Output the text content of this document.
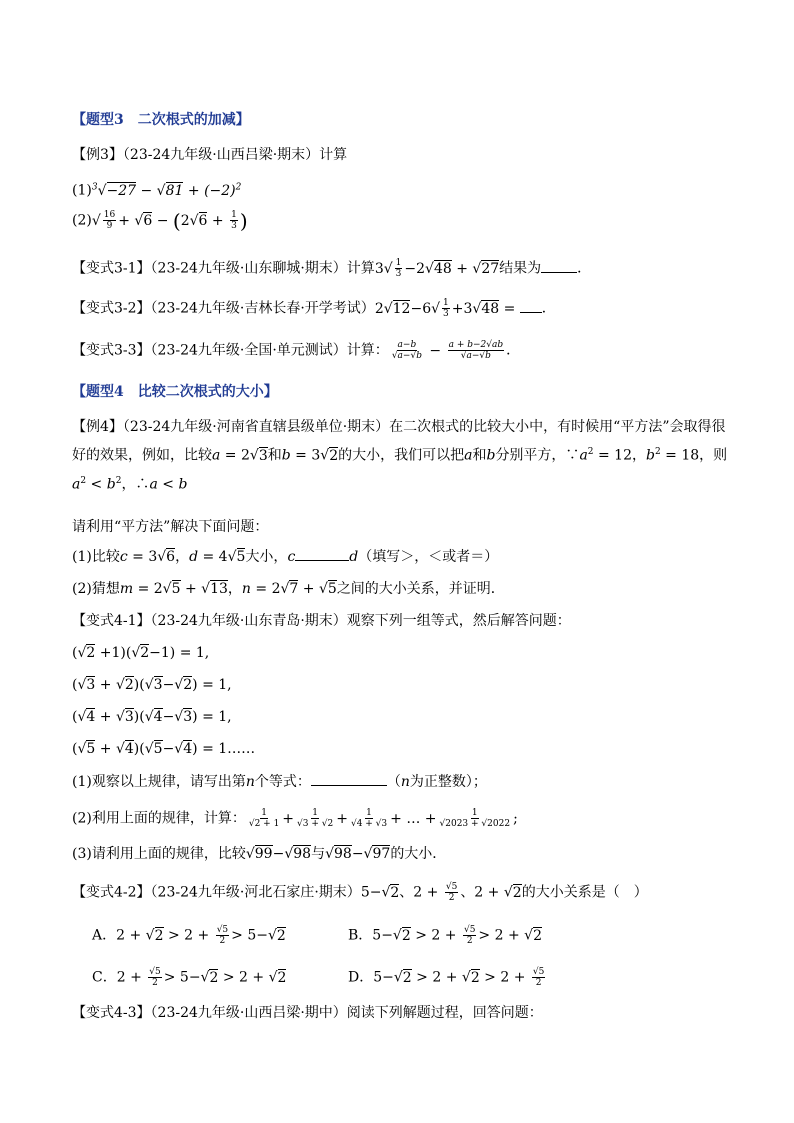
【题型3　二次根式的加减】
【例3】（23-24九年级·山西吕梁·期末）计算
$(1)^3√-27 - √81 + (-2)^2$
$(2)√ \frac{16}{9} + √6 - (2√6 + \frac{1}{3}$ )
【变式3-1】（23-24九年级·山东聊城·期末）计算$3√ \frac{1}{3} -2√48 + √27$结果为	．
【变式3-2】（23-24九年级·吉林长春·开学考试）$2√12-6√ \frac{1}{3} +3√48$ = ．
【变式3-3】（23-24九年级·全国·单元测试）计算： $\frac{a-b}{√a-√b} - \frac{a + b-2√ab}{√a-√b}$ ．
【题型4　比较二次根式的大小】
【例4】（23-24九年级·河南省直辖县级单位·期末）在二次根式的比较大小中，有时候用“平方法”会取得很好的效果，例如，比较a = 2√3和b = 3√2的大小，我们可以把a和b分别平方，$\because a^2 = 12$，$b^2 = 18$，则$a^2 < b^2$，∴a < b
请利用“平方法”解决下面问题：
(1)比较c = 3√6，d = 4√5大小，c	d（填写＞，＜或者＝）
(2)猜想m = 2√5 + √13，n = 2√7 + √5之间的大小关系，并证明．
【变式4-1】（23-24九年级·山东青岛·期末）观察下列一组等式，然后解答问题：
(√2 +1)(√2−1) = 1,
(√3 + √2)(√3−√2) = 1,
(√4 + √3)(√4−√3) = 1,
(√5 + √4)(√5−√4) = 1……
(1)观察以上规律，请写出第n个等式：	（n为正整数）；
(2)利用上面的规律，计算： $\frac{1}{√2 + 1} + \frac{1}{√3 + √2} + \frac{1}{√4 + √3}$ + … + $\frac{1}{√2023 + √2022}$ ;
(3)请利用上面的规律，比较√99−√98与√98−√97的大小．
【变式4-2】（23-24九年级·河北石家庄·期末）5−√2、$2 + \frac{√5}{2}$ 、2 + √2的大小关系是（　）
A．$2 + √2 > 2 + \frac{√5}{2} > 5-√2$	B．$5-√2 > 2 + \frac{√5}{2} > 2 + √2$
C．$2 + \frac{√5}{2} > 5-√2 > 2 + √2$	D．$5-√2 > 2 + √2 > 2 + \frac{√5}{2}$
【变式4-3】（23-24九年级·山西吕梁·期中）阅读下列解题过程，回答问题：
